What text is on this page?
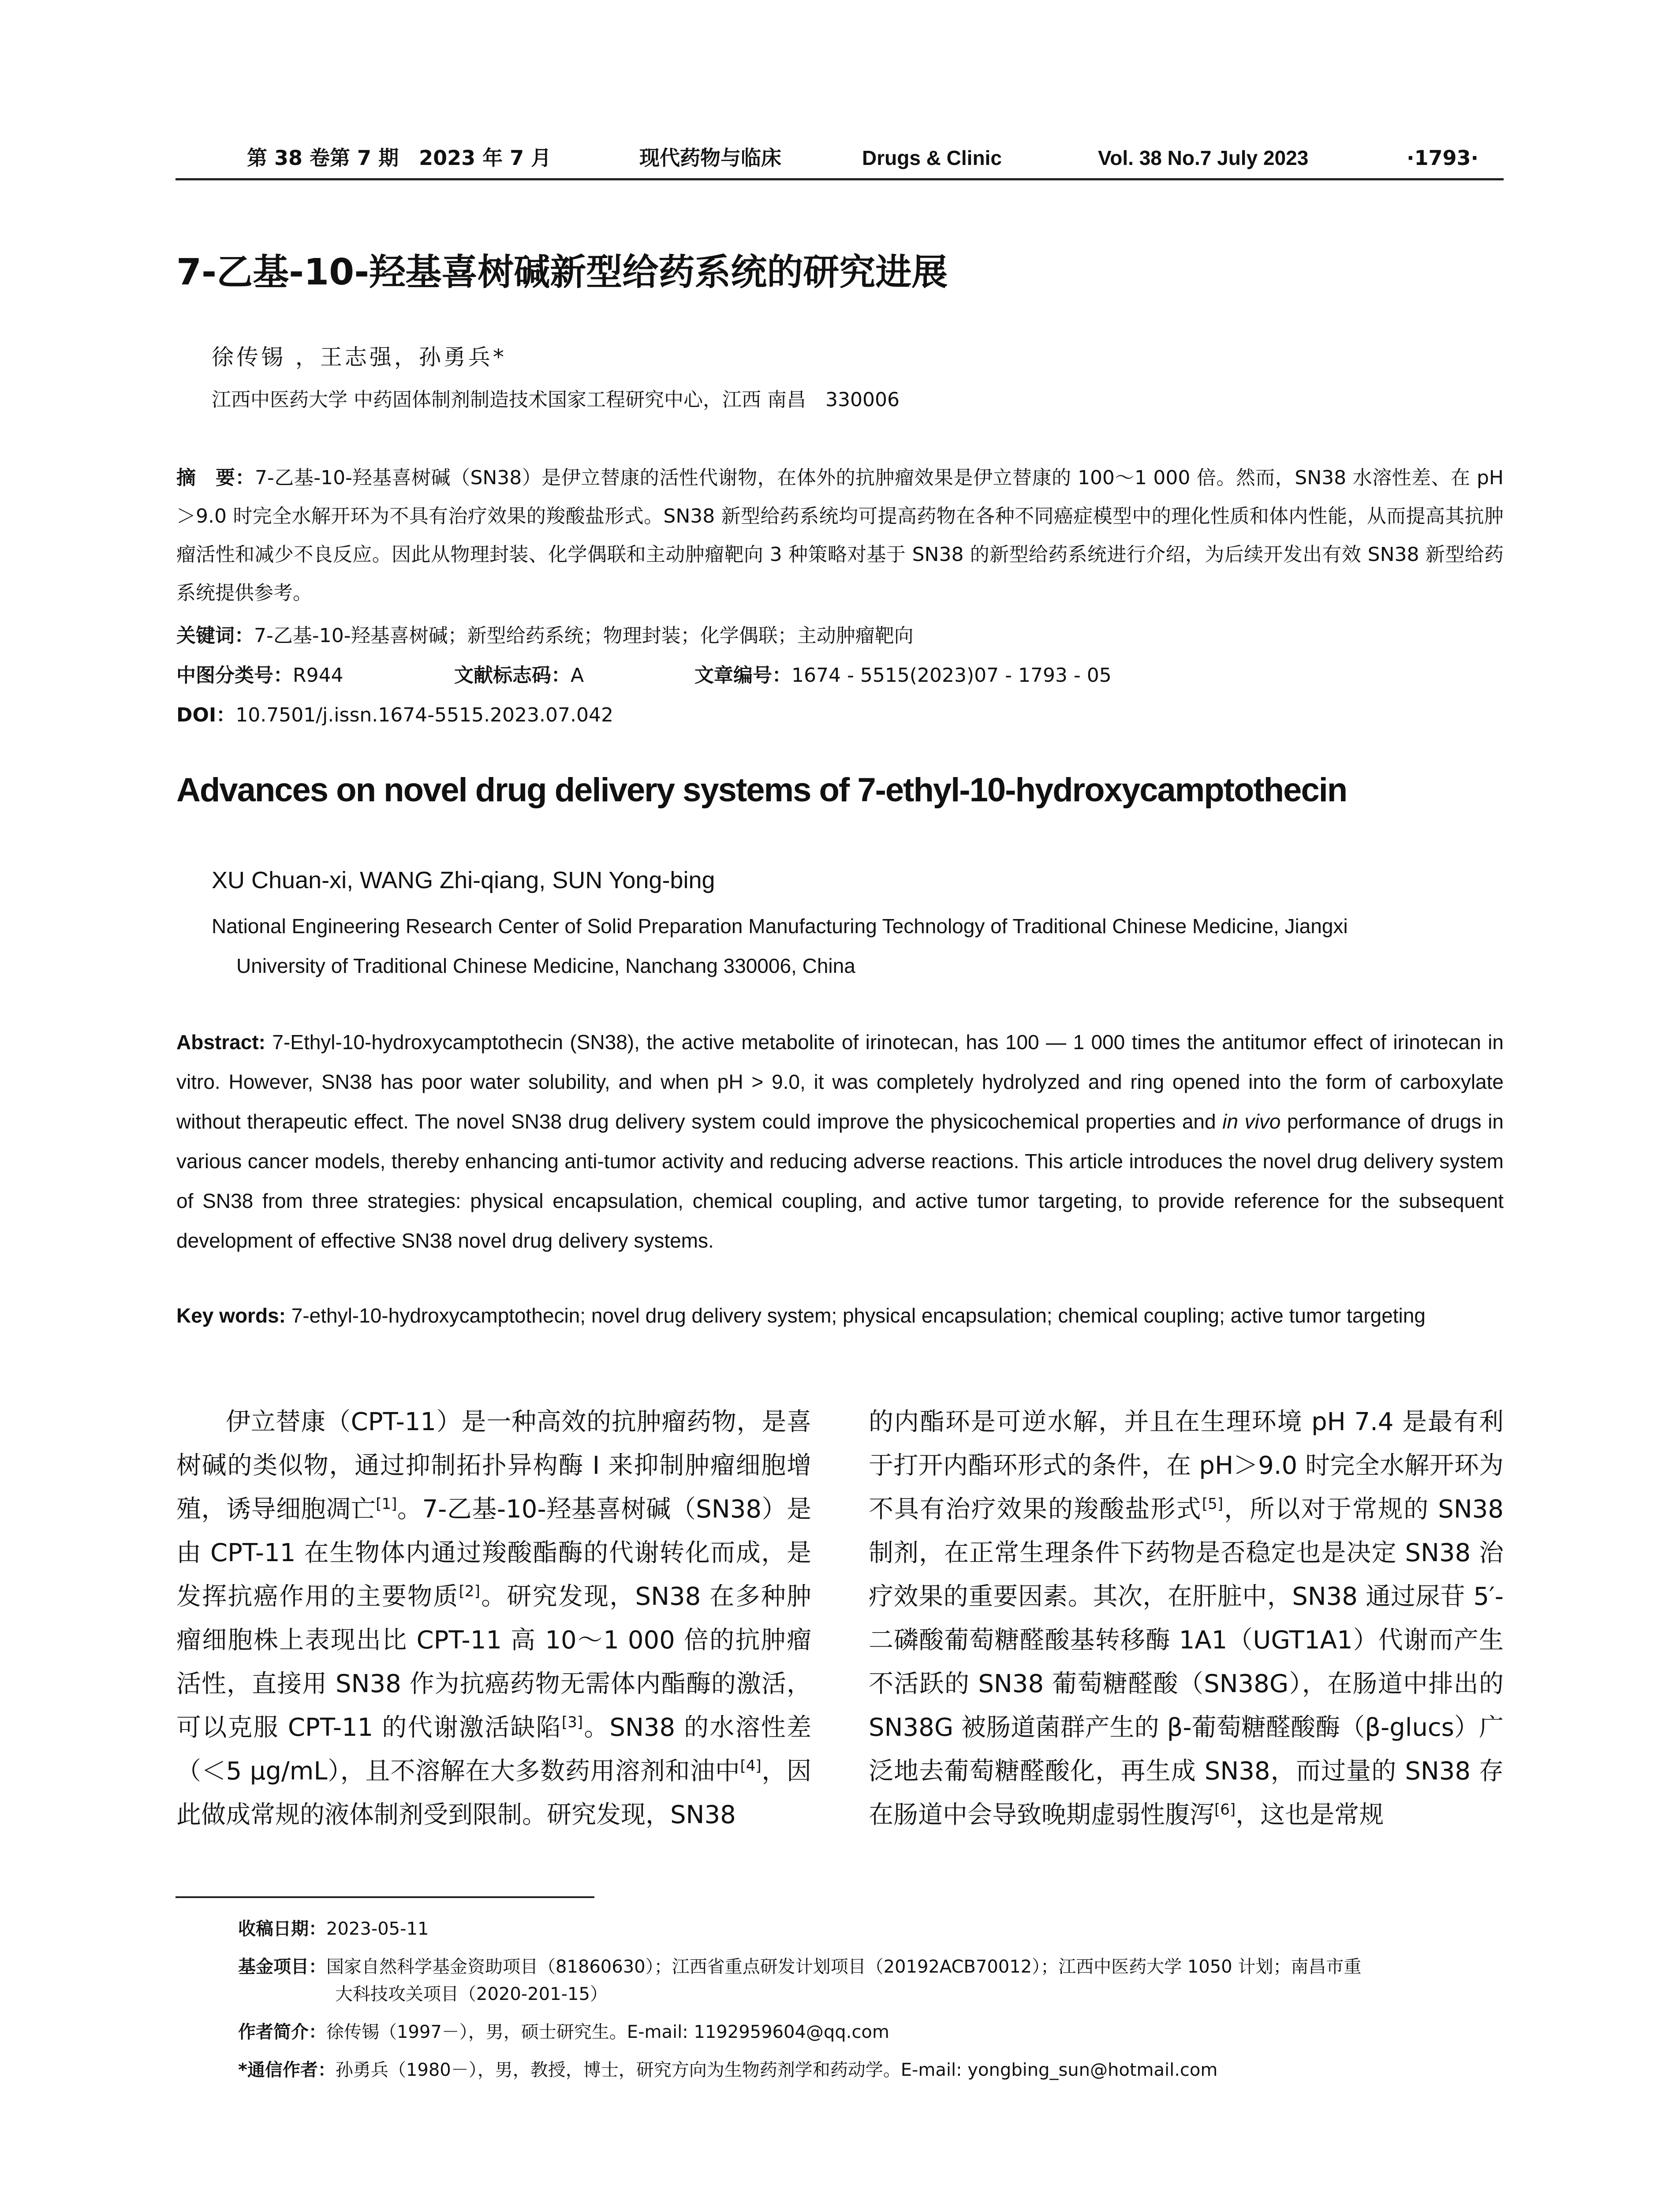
第 38 卷第 7 期　2023 年 7 月	现代药物与临床	Drugs & Clinic	Vol. 38 No.7 July 2023	·1793·
7-乙基-10-羟基喜树碱新型给药系统的研究进展
徐传锡 ，王志强，孙勇兵*
江西中医药大学 中药固体制剂制造技术国家工程研究中心，江西 南昌　330006
摘　要：7-乙基-10-羟基喜树碱（SN38）是伊立替康的活性代谢物，在体外的抗肿瘤效果是伊立替康的 100～1 000 倍。然而，SN38 水溶性差、在 pH＞9.0 时完全水解开环为不具有治疗效果的羧酸盐形式。SN38 新型给药系统均可提高药物在各种不同癌症模型中的理化性质和体内性能，从而提高其抗肿瘤活性和减少不良反应。因此从物理封装、化学偶联和主动肿瘤靶向 3 种策略对基于 SN38 的新型给药系统进行介绍，为后续开发出有效 SN38 新型给药系统提供参考。
关键词：7-乙基-10-羟基喜树碱；新型给药系统；物理封装；化学偶联；主动肿瘤靶向
中图分类号：R944	文献标志码：A	文章编号：1674 - 5515(2023)07 - 1793 - 05
DOI：10.7501/j.issn.1674-5515.2023.07.042
Advances on novel drug delivery systems of 7-ethyl-10-hydroxycamptothecin
XU Chuan-xi, WANG Zhi-qiang, SUN Yong-bing
National Engineering Research Center of Solid Preparation Manufacturing Technology of Traditional Chinese Medicine, Jiangxi
University of Traditional Chinese Medicine, Nanchang 330006, China
Abstract: 7-Ethyl-10-hydroxycamptothecin (SN38), the active metabolite of irinotecan, has 100 — 1 000 times the antitumor effect of irinotecan in vitro. However, SN38 has poor water solubility, and when pH > 9.0, it was completely hydrolyzed and ring opened into the form of carboxylate without therapeutic effect. The novel SN38 drug delivery system could improve the physicochemical properties and in vivo performance of drugs in various cancer models, thereby enhancing anti-tumor activity and reducing adverse reactions. This article introduces the novel drug delivery system of SN38 from three strategies: physical encapsulation, chemical coupling, and active tumor targeting, to provide reference for the subsequent development of effective SN38 novel drug delivery systems.
Key words: 7-ethyl-10-hydroxycamptothecin; novel drug delivery system; physical encapsulation; chemical coupling; active tumor targeting

伊立替康（CPT-11）是一种高效的抗肿瘤药物，是喜树碱的类似物，通过抑制拓扑异构酶 I 来抑制肿瘤细胞增殖，诱导细胞凋亡[1]。7-乙基-10-羟基喜树碱（SN38）是由 CPT-11 在生物体内通过羧酸酯酶的代谢转化而成，是发挥抗癌作用的主要物质[2]。研究发现，SN38 在多种肿瘤细胞株上表现出比 CPT-11 高 10～1 000 倍的抗肿瘤活性，直接用 SN38 作为抗癌药物无需体内酯酶的激活，可以克服 CPT-11 的代谢激活缺陷[3]。SN38 的水溶性差（＜5 μg/mL），且不溶解在大多数药用溶剂和油中[4]，因此做成常规的液体制剂受到限制。研究发现，SN38

的内酯环是可逆水解，并且在生理环境 pH 7.4 是最有利于打开内酯环形式的条件，在 pH＞9.0 时完全水解开环为不具有治疗效果的羧酸盐形式[5]，所以对于常规的 SN38 制剂，在正常生理条件下药物是否稳定也是决定 SN38 治疗效果的重要因素。其次，在肝脏中，SN38 通过尿苷 5′-二磷酸葡萄糖醛酸基转移酶 1A1（UGT1A1）代谢而产生不活跃的 SN38 葡萄糖醛酸（SN38G），在肠道中排出的 SN38G 被肠道菌群产生的 β-葡萄糖醛酸酶（β-glucs）广泛地去葡萄糖醛酸化，再生成 SN38，而过量的 SN38 存在肠道中会导致晚期虚弱性腹泻[6]，这也是常规

收稿日期：2023-05-11
基金项目：国家自然科学基金资助项目（81860630）；江西省重点研发计划项目（20192ACB70012）；江西中医药大学 1050 计划；南昌市重
大科技攻关项目（2020-201-15）
作者简介：徐传锡（1997－），男，硕士研究生。E-mail: 1192959604@qq.com
*通信作者：孙勇兵（1980－），男，教授，博士，研究方向为生物药剂学和药动学。E-mail: yongbing_sun@hotmail.com
